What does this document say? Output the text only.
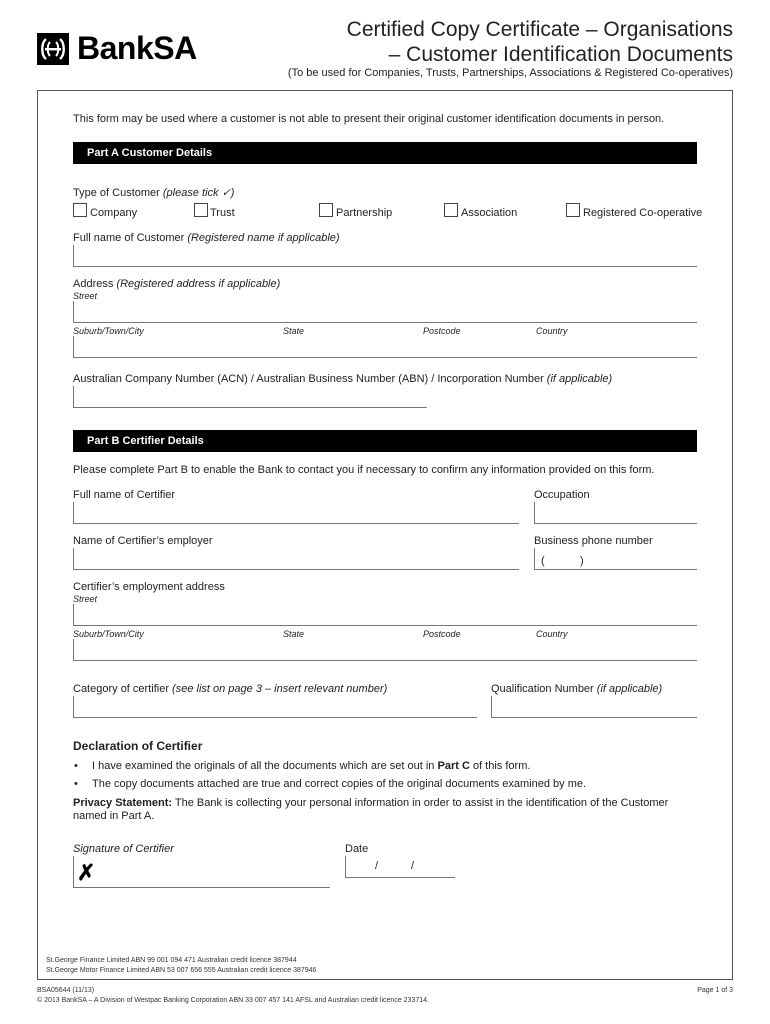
BankSA
Certified Copy Certificate – Organisations
– Customer Identification Documents
(To be used for Companies, Trusts, Partnerships, Associations & Registered Co-operatives)
This form may be used where a customer is not able to present their original customer identification documents in person.
Part A Customer Details
Type of Customer (please tick ✓)
Company	Trust	Partnership	Association	Registered Co-operative
Full name of Customer (Registered name if applicable)
Address (Registered address if applicable)
Street
Suburb/Town/City	State	Postcode	Country
Australian Company Number (ACN) / Australian Business Number (ABN) / Incorporation Number (if applicable)
Part B Certifier Details
Please complete Part B to enable the Bank to contact you if necessary to confirm any information provided on this form.
Full name of Certifier	Occupation
Name of Certifier’s employer	Business phone number
(	)
Certifier’s employment address
Street
Suburb/Town/City	State	Postcode	Country
Category of certifier (see list on page 3 – insert relevant number)	Qualification Number (if applicable)
Declaration of Certifier
• I have examined the originals of all the documents which are set out in Part C of this form.
• The copy documents attached are true and correct copies of the original documents examined by me.
Privacy Statement: The Bank is collecting your personal information in order to assist in the identification of the Customer
named in Part A.
Signature of Certifier
✗
Date
/	/
St.George Finance Limited ABN 99 001 094 471 Australian credit licence 387944
St.George Motor Finance Limited ABN 53 007 656 555 Australian credit licence 387946
BSA05644 (11/13)	Page 1 of 3
© 2013 BankSA – A Division of Westpac Banking Corporation ABN 33 007 457 141 AFSL and Australian credit licence 233714.
